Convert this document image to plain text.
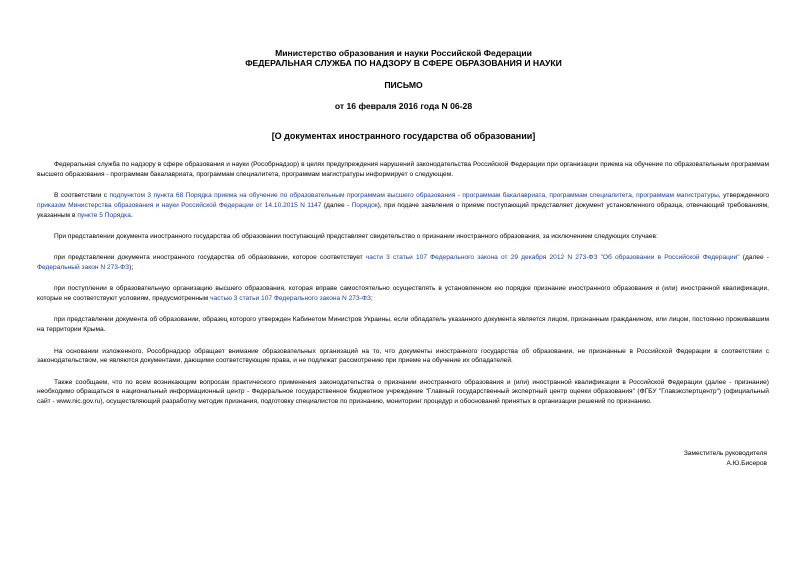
Министерство образования и науки Российской Федерации
ФЕДЕРАЛЬНАЯ СЛУЖБА ПО НАДЗОРУ В СФЕРЕ ОБРАЗОВАНИЯ И НАУКИ
ПИСЬМО
от 16 февраля 2016 года N 06-28
[О документах иностранного государства об образовании]

Федеральная служба по надзору в сфере образования и науки (Рособрнадзор) в целях предупреждения нарушений законодательства Российской Федерации при организации приема на обучение по образовательным программам высшего образования - программам бакалавриата, программам специалитета, программам магистратуры информирует о следующем.

В соответствии с подпунктом 3 пункта 68 Порядка приема на обучение по образовательным программам высшего образования - программам бакалавриата, программам специалитета, программам магистратуры, утвержденного приказом Министерства образования и науки Российской Федерации от 14.10.2015 N 1147 (далее - Порядок), при подаче заявления о приеме поступающий представляет документ установленного образца, отвечающий требованиям, указанным в пункте 5 Порядка.

При представлении документа иностранного государства об образовании поступающий представляет свидетельство о признании иностранного образования, за исключением следующих случаев:

при представлении документа иностранного государства об образовании, которое соответствует части 3 статьи 107 Федерального закона от 29 декабря 2012 N 273-ФЗ "Об образовании в Российской Федерации" (далее - Федеральный закон N 273-ФЗ);

при поступлении в образовательную организацию высшего образования, которая вправе самостоятельно осуществлять в установленном ею порядке признание иностранного образования и (или) иностранной квалификации, которые не соответствуют условиям, предусмотренным частью 3 статьи 107 Федерального закона N 273-ФЗ;

при представлении документа об образовании, образец которого утвержден Кабинетом Министров Украины, если обладатель указанного документа является лицом, признанным гражданином, или лицом, постоянно проживавшим на территории Крыма.

На основании изложенного, Рособрнадзор обращает внимание образовательных организаций на то, что документы иностранного государства об образовании, не признанные в Российской Федерации в соответствии с законодательством, не являются документами, дающими соответствующие права, и не подлежат рассмотрению при приеме на обучение их обладателей.

Также сообщаем, что по всем возникающим вопросам практического применения законодательства о признании иностранного образования и (или) иностранной квалификации в Российской Федерации (далее - признание) необходимо обращаться в национальный информационный центр - Федеральное государственное бюджетное учреждение "Главный государственный экспертный центр оценки образования" (ФГБУ "Главэкспертцентр") (официальный сайт - www.nic.gov.ru), осуществляющий разработку методик признания, подготовку специалистов по признанию, мониторинг процедур и обоснований принятых в организации решений по признанию.

Заместитель руководителя
А.Ю.Бисеров
